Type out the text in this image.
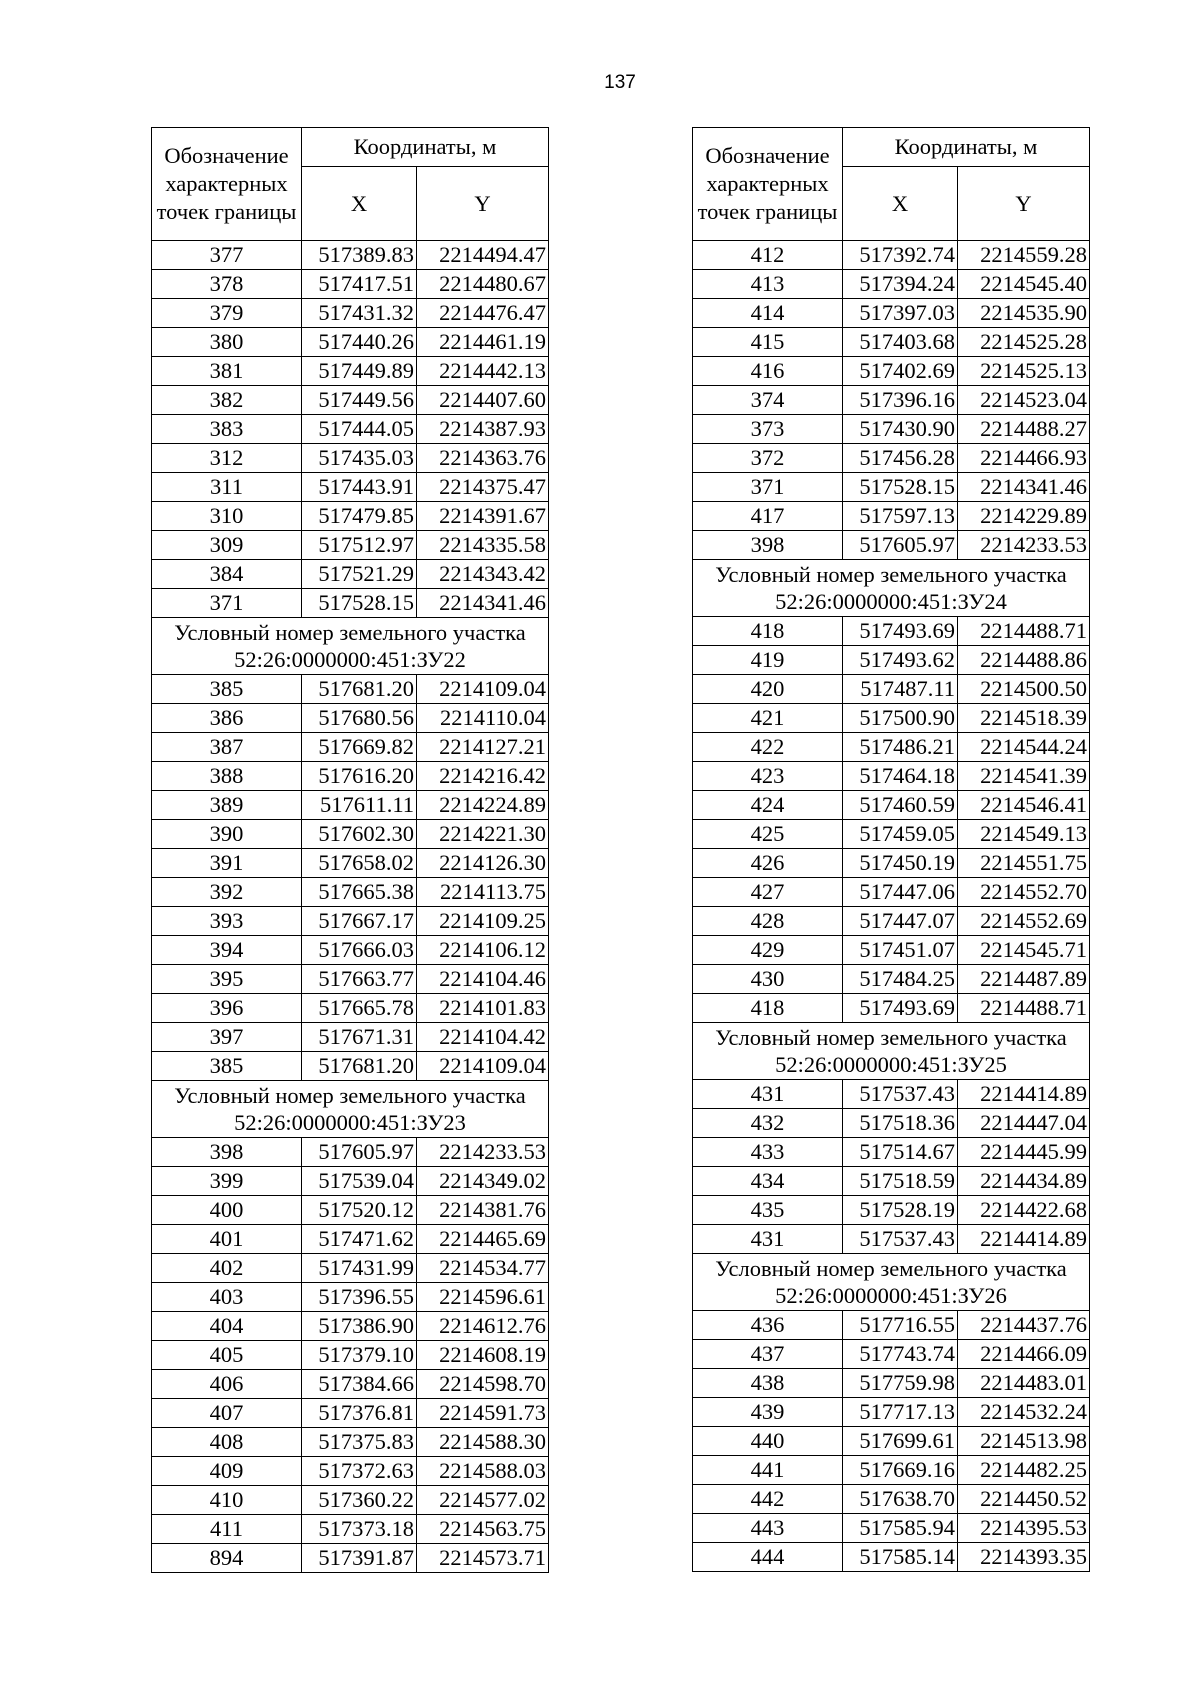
137
Обозначение характерных точек границы	Координаты, м	
	X	Y
377	517389.83	2214494.47
378	517417.51	2214480.67
379	517431.32	2214476.47
380	517440.26	2214461.19
381	517449.89	2214442.13
382	517449.56	2214407.60
383	517444.05	2214387.93
312	517435.03	2214363.76
311	517443.91	2214375.47
310	517479.85	2214391.67
309	517512.97	2214335.58
384	517521.29	2214343.42
371	517528.15	2214341.46
Условный номер земельного участка 52:26:0000000:451:ЗУ22		
385	517681.20	2214109.04
386	517680.56	2214110.04
387	517669.82	2214127.21
388	517616.20	2214216.42
389	517611.11	2214224.89
390	517602.30	2214221.30
391	517658.02	2214126.30
392	517665.38	2214113.75
393	517667.17	2214109.25
394	517666.03	2214106.12
395	517663.77	2214104.46
396	517665.78	2214101.83
397	517671.31	2214104.42
385	517681.20	2214109.04
Условный номер земельного участка 52:26:0000000:451:ЗУ23		
398	517605.97	2214233.53
399	517539.04	2214349.02
400	517520.12	2214381.76
401	517471.62	2214465.69
402	517431.99	2214534.77
403	517396.55	2214596.61
404	517386.90	2214612.76
405	517379.10	2214608.19
406	517384.66	2214598.70
407	517376.81	2214591.73
408	517375.83	2214588.30
409	517372.63	2214588.03
410	517360.22	2214577.02
411	517373.18	2214563.75
894	517391.87	2214573.71
Обозначение характерных точек границы	Координаты, м	
	X	Y
412	517392.74	2214559.28
413	517394.24	2214545.40
414	517397.03	2214535.90
415	517403.68	2214525.28
416	517402.69	2214525.13
374	517396.16	2214523.04
373	517430.90	2214488.27
372	517456.28	2214466.93
371	517528.15	2214341.46
417	517597.13	2214229.89
398	517605.97	2214233.53
Условный номер земельного участка 52:26:0000000:451:ЗУ24		
418	517493.69	2214488.71
419	517493.62	2214488.86
420	517487.11	2214500.50
421	517500.90	2214518.39
422	517486.21	2214544.24
423	517464.18	2214541.39
424	517460.59	2214546.41
425	517459.05	2214549.13
426	517450.19	2214551.75
427	517447.06	2214552.70
428	517447.07	2214552.69
429	517451.07	2214545.71
430	517484.25	2214487.89
418	517493.69	2214488.71
Условный номер земельного участка 52:26:0000000:451:ЗУ25		
431	517537.43	2214414.89
432	517518.36	2214447.04
433	517514.67	2214445.99
434	517518.59	2214434.89
435	517528.19	2214422.68
431	517537.43	2214414.89
Условный номер земельного участка 52:26:0000000:451:ЗУ26		
436	517716.55	2214437.76
437	517743.74	2214466.09
438	517759.98	2214483.01
439	517717.13	2214532.24
440	517699.61	2214513.98
441	517669.16	2214482.25
442	517638.70	2214450.52
443	517585.94	2214395.53
444	517585.14	2214393.35
